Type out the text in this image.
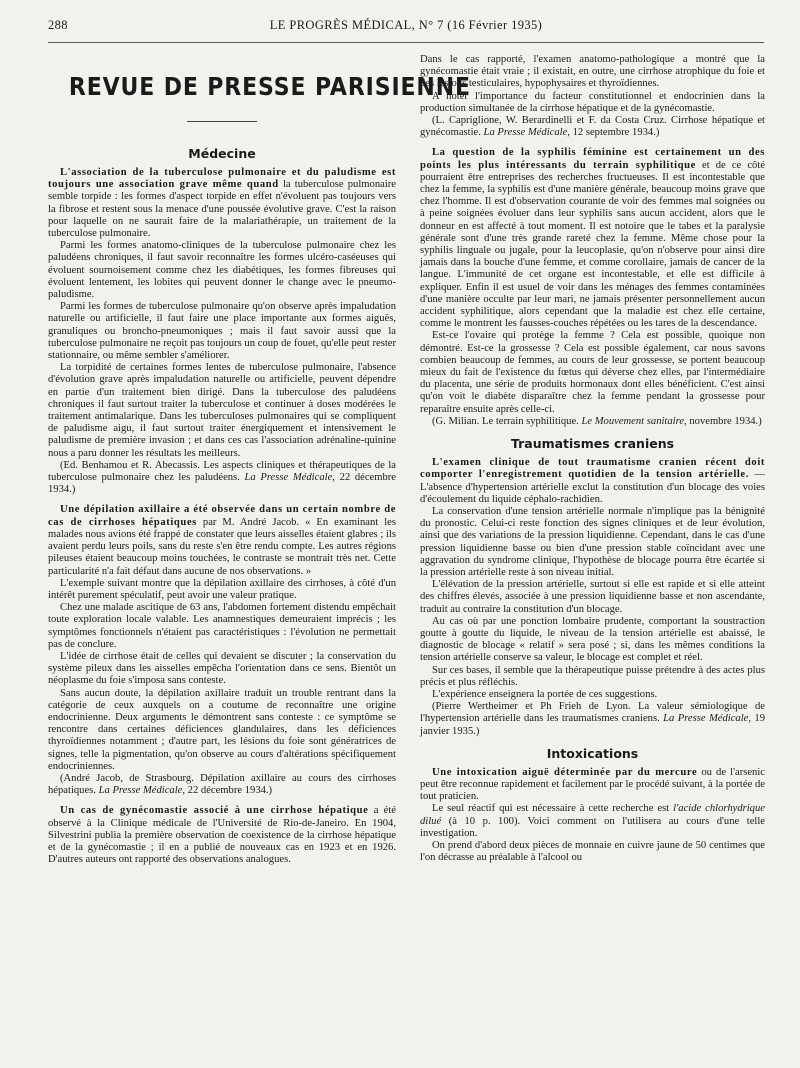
288	LE PROGRÈS MÉDICAL, N° 7 (16 Février 1935)
REVUE DE PRESSE PARISIENNE
Médecine

L'association de la tuberculose pulmonaire et du paludisme est toujours une association grave même quand la tuberculose pulmonaire semble torpide : les formes d'aspect torpide en effet n'évoluent pas toujours vers la fibrose et restent sous la menace d'une poussée évolutive grave. C'est la raison pour laquelle on ne saurait faire de la malariathérapie, un traitement de la tuberculose pulmonaire.

Parmi les formes anatomo-cliniques de la tuberculose pulmonaire chez les paludéens chroniques, il faut savoir reconnaître les formes ulcéro-caséeuses qui évoluent sournoisement comme chez les diabétiques, les formes fibreuses qui évoluent lentement, les lobites qui peuvent donner le change avec le pneumo-paludisme.

Parmi les formes de tuberculose pulmonaire qu'on observe après impaludation naturelle ou artificielle, il faut faire une place importante aux formes aiguës, granuliques ou broncho-pneumoniques ; mais il faut savoir aussi que la tuberculose pulmonaire ne reçoit pas toujours un coup de fouet, qu'elle peut rester stationnaire, ou même sembler s'améliorer.

La torpidité de certaines formes lentes de tuberculose pulmonaire, l'absence d'évolution grave après impaludation naturelle ou artificielle, peuvent dépendre en partie d'un traitement bien dirigé. Dans la tuberculose des paludéens chroniques il faut surtout traiter la tuberculose et continuer à doses modérées le traitement antimalarique. Dans les tuberculoses pulmonaires qui se compliquent de paludisme aigu, il faut surtout traiter énergiquement et intensivement le paludisme de première invasion ; et dans ces cas l'association adrénaline-quinine nous a paru donner les résultats les meilleurs.

(Ed. Benhamou et R. Abecassis. Les aspects cliniques et thérapeutiques de la tuberculose pulmonaire chez les paludéens. La Presse Médicale, 22 décembre 1934.)

Une dépilation axillaire a été observée dans un certain nombre de cas de cirrhoses hépatiques par M. André Jacob. « En examinant les malades nous avions été frappé de constater que leurs aisselles étaient glabres ; ils avaient perdu leurs poils, sans du reste s'en être rendu compte. Les autres régions pileuses étaient beaucoup moins touchées, le contraste se montrait très net. Cette particularité n'a fait défaut dans aucune de nos observations. »

L'exemple suivant montre que la dépilation axillaire des cirrhoses, à côté d'un intérêt purement spéculatif, peut avoir une valeur pratique.

Chez une malade ascitique de 63 ans, l'abdomen fortement distendu empêchait toute exploration locale valable. Les anamnestiques demeuraient imprécis ; les symptômes fonctionnels n'étaient pas caractéristiques : l'évolution ne permettait pas de conclure.

L'idée de cirrhose était de celles qui devaient se discuter ; la conservation du système pileux dans les aisselles empêcha l'orientation dans ce sens. Bientôt un néoplasme du foie s'imposa sans conteste.

Sans aucun doute, la dépilation axillaire traduit un trouble rentrant dans la catégorie de ceux auxquels on a coutume de reconnaître une origine endocrinienne. Deux arguments le démontrent sans conteste : ce symptôme se rencontre dans certaines déficiences glandulaires, dans les déficiences thyroïdiennes notamment ; d'autre part, les lésions du foie sont génératrices de signes, telle la pigmentation, qu'on observe au cours d'altérations spécifiquement endocriniennes.

(André Jacob, de Strasbourg. Dépilation axillaire au cours des cirrhoses hépatiques. La Presse Médicale, 22 décembre 1934.)

Un cas de gynécomastie associé à une cirrhose hépatique a été observé à la Clinique médicale de l'Université de Rio-de-Janeiro. En 1904, Silvestrini publia la première observation de coexistence de la cirrhose hépatique et de la gynécomastie ; il en a publié de nouveaux cas en 1923 et en 1926. D'autres auteurs ont rapporté des observations analogues.

Dans le cas rapporté, l'examen anatomo-pathologique a montré que la gynécomastie était vraie ; il existait, en outre, une cirrhose atrophique du foie et des lésions testiculaires, hypophysaires et thyroïdiennes.

A noter l'importance du facteur constitutionnel et endocrinien dans la production simultanée de la cirrhose hépatique et de la gynécomastie.

(L. Capriglione, W. Berardinelli et F. da Costa Cruz. Cirrhose hépatique et gynécomastie. La Presse Médicale, 12 septembre 1934.)

La question de la syphilis féminine est certainement un des points les plus intéressants du terrain syphilitique et de ce côté pourraient être entreprises des recherches fructueuses. Il est incontestable que chez la femme, la syphilis est d'une manière générale, beaucoup moins grave que chez l'homme. Il est d'observation courante de voir des femmes mal soignées ou à peine soignées évoluer dans leur syphilis sans aucun accident, alors que le donneur en est affecté à tout moment. Il est notoire que le tabes et la paralysie générale sont d'une très grande rareté chez la femme. Même chose pour la syphilis linguale ou jugale, pour la leucoplasie, qu'on n'observe pour ainsi dire jamais dans la bouche d'une femme, et comme corollaire, jamais de cancer de la langue. L'immunité de cet organe est incontestable, et elle est difficile à expliquer. Enfin il est usuel de voir dans les ménages des femmes contaminées d'une manière occulte par leur mari, ne jamais présenter personnellement aucun accident syphilitique, alors cependant que la maladie est chez elle certaine, comme le montrent les fausses-couches répétées ou les tares de la descendance.

Est-ce l'ovaire qui protège la femme ? Cela est possible, quoique non démontré. Est-ce la grossesse ? Cela est possible également, car nous savons combien beaucoup de femmes, au cours de leur grossesse, se portent beaucoup mieux du fait de l'existence du fœtus qui déverse chez elles, par l'intermédiaire du placenta, une série de produits hormonaux dont elles bénéficient. C'est ainsi qu'on voit le diabète disparaître chez la femme pendant la grossesse pour reparaître ensuite après celle-ci.

(G. Milian. Le terrain syphilitique. Le Mouvement sanitaire, novembre 1934.)

Traumatismes craniens

L'examen clinique de tout traumatisme cranien récent doit comporter l'enregistrement quotidien de la tension artérielle. — L'absence d'hypertension artérielle exclut la constitution d'un blocage des voies d'écoulement du liquide céphalo-rachidien.

La conservation d'une tension artérielle normale n'implique pas la bénignité du pronostic. Celui-ci reste fonction des signes cliniques et de leur évolution, ainsi que des variations de la pression liquidienne. Cependant, dans le cas d'une pression liquidienne basse ou bien d'une pression stable coïncidant avec une aggravation du syndrome clinique, l'hypothèse de blocage pourra être écartée si la pression artérielle reste à son niveau initial.

L'élévation de la pression artérielle, surtout si elle est rapide et si elle atteint des chiffres élevés, associée à une pression liquidienne basse et non ascendante, traduit au contraire la constitution d'un blocage.

Au cas où par une ponction lombaire prudente, comportant la soustraction goutte à goutte du liquide, le niveau de la tension artérielle est abaissé, le diagnostic de blocage « relatif » sera posé ; si, dans les mêmes conditions la tension artérielle conserve sa valeur, le blocage est complet et réel.

Sur ces bases, il semble que la thérapeutique puisse prétendre à des actes plus précis et plus réfléchis.

L'expérience enseignera la portée de ces suggestions.

(Pierre Wertheimer et Ph Frieh de Lyon. La valeur sémiologique de l'hypertension artérielle dans les traumatismes craniens. La Presse Médicale, 19 janvier 1935.)

Intoxications

Une intoxication aiguë déterminée par du mercure ou de l'arsenic peut être reconnue rapidement et facilement par le procédé suivant, à la portée de tout praticien.

Le seul réactif qui est nécessaire à cette recherche est l'acide chlorhydrique dilué (à 10 p. 100). Voici comment on l'utilisera au cours d'une telle investigation.

On prend d'abord deux pièces de monnaie en cuivre jaune de 50 centimes que l'on décrasse au préalable à l'alcool ou
